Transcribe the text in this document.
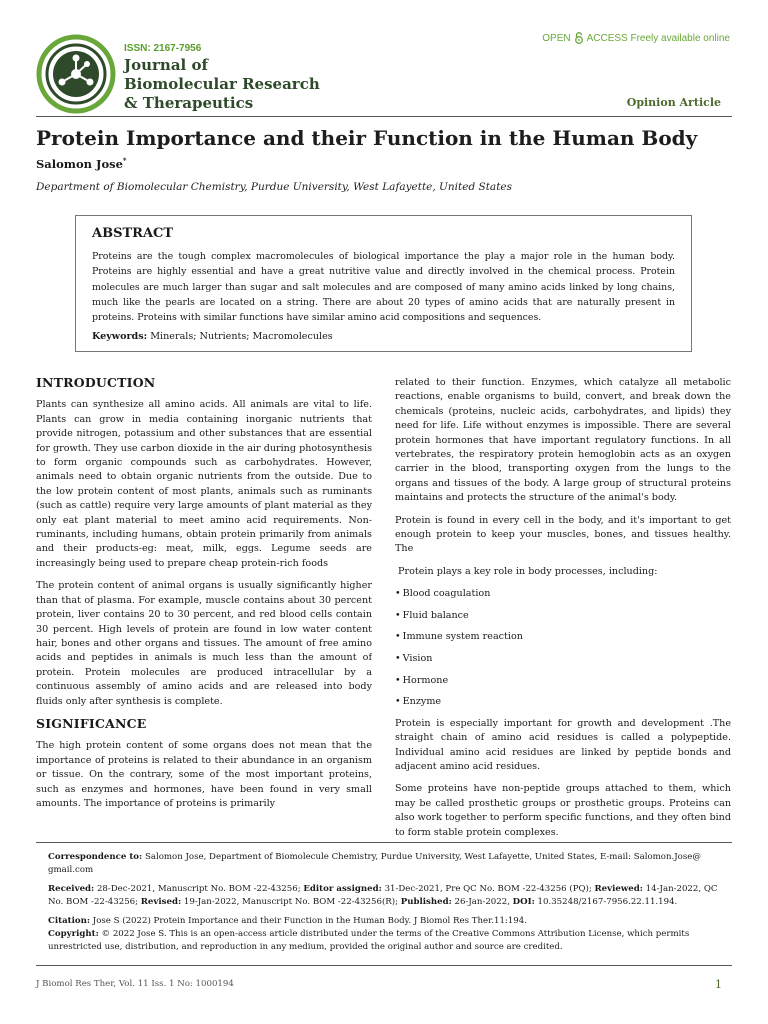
ISSN: 2167-7956
Journal of
Biomolecular Research
& Therapeutics
OPEN ACCESS Freely available online
Opinion Article
Protein Importance and their Function in the Human Body
Salomon Jose*
Department of Biomolecular Chemistry, Purdue University, West Lafayette, United States
ABSTRACT
Proteins are the tough complex macromolecules of biological importance the play a major role in the human body. Proteins are highly essential and have a great nutritive value and directly involved in the chemical process. Protein molecules are much larger than sugar and salt molecules and are composed of many amino acids linked by long chains, much like the pearls are located on a string. There are about 20 types of amino acids that are naturally present in proteins. Proteins with similar functions have similar amino acid compositions and sequences.
Keywords: Minerals; Nutrients; Macromolecules
INTRODUCTION

Plants can synthesize all amino acids. All animals are vital to life. Plants can grow in media containing inorganic nutrients that provide nitrogen, potassium and other substances that are essential for growth. They use carbon dioxide in the air during photosynthesis to form organic compounds such as carbohydrates. However, animals need to obtain organic nutrients from the outside. Due to the low protein content of most plants, animals such as ruminants (such as cattle) require very large amounts of plant material as they only eat plant material to meet amino acid requirements. Non-ruminants, including humans, obtain protein primarily from animals and their products-eg: meat, milk, eggs. Legume seeds are increasingly being used to prepare cheap protein-rich foods

The protein content of animal organs is usually significantly higher than that of plasma. For example, muscle contains about 30 percent protein, liver contains 20 to 30 percent, and red blood cells contain 30 percent. High levels of protein are found in low water content hair, bones and other organs and tissues. The amount of free amino acids and peptides in animals is much less than the amount of protein. Protein molecules are produced intracellular by a continuous assembly of amino acids and are released into body fluids only after synthesis is complete.

SIGNIFICANCE

The high protein content of some organs does not mean that the importance of proteins is related to their abundance in an organism or tissue. On the contrary, some of the most important proteins, such as enzymes and hormones, have been found in very small amounts. The importance of proteins is primarily

related to their function. Enzymes, which catalyze all metabolic reactions, enable organisms to build, convert, and break down the chemicals (proteins, nucleic acids, carbohydrates, and lipids) they need for life. Life without enzymes is impossible. There are several protein hormones that have important regulatory functions. In all vertebrates, the respiratory protein hemoglobin acts as an oxygen carrier in the blood, transporting oxygen from the lungs to the organs and tissues of the body. A large group of structural proteins maintains and protects the structure of the animal's body.

Protein is found in every cell in the body, and it's important to get enough protein to keep your muscles, bones, and tissues healthy. The

Protein plays a key role in body processes, including:

• Blood coagulation
• Fluid balance
• Immune system reaction
• Vision
• Hormone
• Enzyme

Protein is especially important for growth and development .The straight chain of amino acid residues is called a polypeptide. Individual amino acid residues are linked by peptide bonds and adjacent amino acid residues.

Some proteins have non-peptide groups attached to them, which may be called prosthetic groups or prosthetic groups. Proteins can also work together to perform specific functions, and they often bind to form stable protein complexes.

Correspondence to: Salomon Jose, Department of Biomolecule Chemistry, Purdue University, West Lafayette, United States, E-mail: Salomon.Jose@ gmail.com

Received: 28-Dec-2021, Manuscript No. BOM -22-43256; Editor assigned: 31-Dec-2021, Pre QC No. BOM -22-43256 (PQ); Reviewed: 14-Jan-2022, QC No. BOM -22-43256; Revised: 19-Jan-2022, Manuscript No. BOM -22-43256(R); Published: 26-Jan-2022, DOI: 10.35248/2167-7956.22.11.194.

Citation: Jose S (2022) Protein Importance and their Function in the Human Body. J Biomol Res Ther.11:194.

Copyright: © 2022 Jose S. This is an open-access article distributed under the terms of the Creative Commons Attribution License, which permits unrestricted use, distribution, and reproduction in any medium, provided the original author and source are credited.

J Biomol Res Ther, Vol. 11 Iss. 1 No: 1000194	1
